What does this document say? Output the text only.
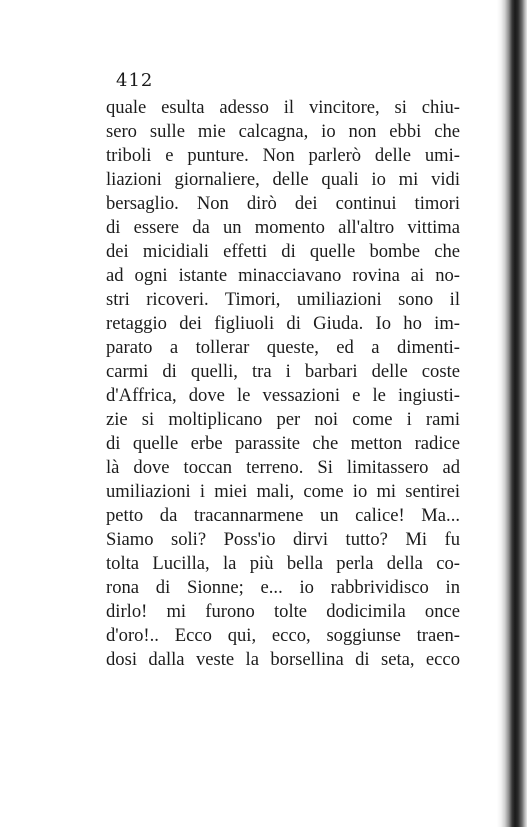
412
quale esulta adesso il vincitore, si chiu-
sero sulle mie calcagna, io non ebbi che
triboli e punture. Non parlerò delle umi-
liazioni giornaliere, delle quali io mi vidi
bersaglio. Non dirò dei continui timori
di essere da un momento all'altro vittima
dei micidiali effetti di quelle bombe che
ad ogni istante minacciavano rovina ai no-
stri ricoveri. Timori, umiliazioni sono il
retaggio dei figliuoli di Giuda. Io ho im-
parato a tollerar queste, ed a dimenti-
carmi di quelli, tra i barbari delle coste
d'Affrica, dove le vessazioni e le ingiusti-
zie si moltiplicano per noi come i rami
di quelle erbe parassite che metton radice
là dove toccan terreno. Si limitassero ad
umiliazioni i miei mali, come io mi sentirei
petto da tracannarmene un calice! Ma...
Siamo soli? Poss'io dirvi tutto? Mi fu
tolta Lucilla, la più bella perla della co-
rona di Sionne; e... io rabbrividisco in
dirlo! mi furono tolte dodicimila once
d'oro!.. Ecco qui, ecco, soggiunse traen-
dosi dalla veste la borsellina di seta, ecco
